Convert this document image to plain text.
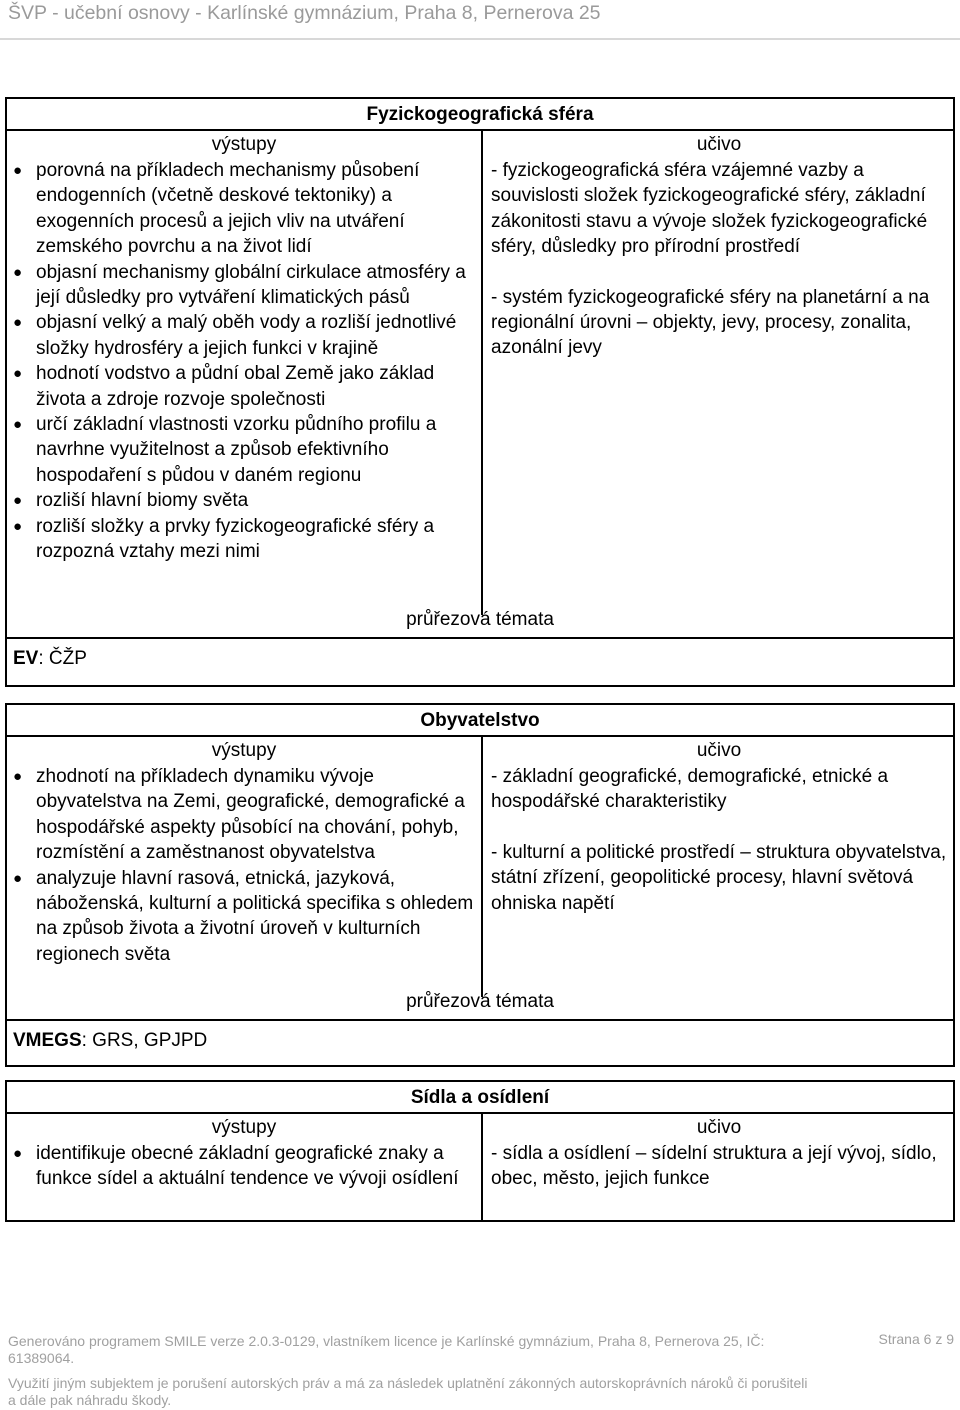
ŠVP - učební osnovy - Karlínské gymnázium, Praha 8, Pernerova 25
Fyzickogeografická sféra
výstupy
● porovná na příkladech mechanismy působení endogenních (včetně deskové tektoniky) a exogenních procesů a jejich vliv na utváření zemského povrchu a na život lidí
● objasní mechanismy globální cirkulace atmosféry a její důsledky pro vytváření klimatických pásů
● objasní velký a malý oběh vody a rozliší jednotlivé složky hydrosféry a jejich funkci v krajině
● hodnotí vodstvo a půdní obal Země jako základ života a zdroje rozvoje společnosti
● určí základní vlastnosti vzorku půdního profilu a navrhne využitelnost a způsob efektivního hospodaření s půdou v daném regionu
● rozliší hlavní biomy světa
● rozliší složky a prvky fyzickogeografické sféry a rozpozná vztahy mezi nimi
učivo
- fyzickogeografická sféra vzájemné vazby a souvislosti složek fyzickogeografické sféry, základní zákonitosti stavu a vývoje složek fyzickogeografické sféry, důsledky pro přírodní prostředí
- systém fyzickogeografické sféry na planetární a na regionální úrovni – objekty, jevy, procesy, zonalita, azonální jevy
průřezová témata
EV: ČŽP
Obyvatelstvo
výstupy
● zhodnotí na příkladech dynamiku vývoje obyvatelstva na Zemi, geografické, demografické a hospodářské aspekty působící na chování, pohyb, rozmístění a zaměstnanost obyvatelstva
● analyzuje hlavní rasová, etnická, jazyková, náboženská, kulturní a politická specifika s ohledem na způsob života a životní úroveň v kulturních regionech světa
učivo
- základní geografické, demografické, etnické a hospodářské charakteristiky
- kulturní a politické prostředí – struktura obyvatelstva, státní zřízení, geopolitické procesy, hlavní světová ohniska napětí
průřezová témata
VMEGS: GRS, GPJPD
Sídla a osídlení
výstupy
● identifikuje obecné základní geografické znaky a funkce sídel a aktuální tendence ve vývoji osídlení
učivo
- sídla a osídlení – sídelní struktura a její vývoj, sídlo, obec, město, jejich funkce
Generováno programem SMILE verze 2.0.3-0129, vlastníkem licence je Karlínské gymnázium, Praha 8, Pernerova 25, IČ: 61389064.
Strana 6 z 9
Využití jiným subjektem je porušení autorských práv a má za následek uplatnění zákonných autorskoprávních nároků či porušiteli a dále pak náhradu škody.
